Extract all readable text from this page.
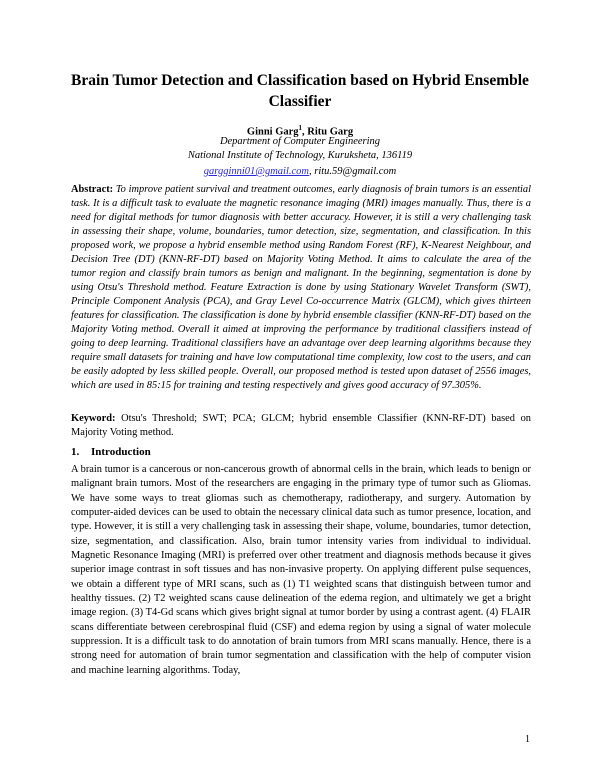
Brain Tumor Detection and Classification based on Hybrid Ensemble Classifier
Ginni Garg$^1$, Ritu Garg
Department of Computer Engineering
National Institute of Technology, Kuruksheta, 136119
gargginni01@gmail.com, ritu.59@gmail.com
Abstract: To improve patient survival and treatment outcomes, early diagnosis of brain tumors is an essential task. It is a difficult task to evaluate the magnetic resonance imaging (MRI) images manually. Thus, there is a need for digital methods for tumor diagnosis with better accuracy. However, it is still a very challenging task in assessing their shape, volume, boundaries, tumor detection, size, segmentation, and classification. In this proposed work, we propose a hybrid ensemble method using Random Forest (RF), K-Nearest Neighbour, and Decision Tree (DT) (KNN-RF-DT) based on Majority Voting Method. It aims to calculate the area of the tumor region and classify brain tumors as benign and malignant. In the beginning, segmentation is done by using Otsu's Threshold method. Feature Extraction is done by using Stationary Wavelet Transform (SWT), Principle Component Analysis (PCA), and Gray Level Co-occurrence Matrix (GLCM), which gives thirteen features for classification. The classification is done by hybrid ensemble classifier (KNN-RF-DT) based on the Majority Voting method. Overall it aimed at improving the performance by traditional classifiers instead of going to deep learning. Traditional classifiers have an advantage over deep learning algorithms because they require small datasets for training and have low computational time complexity, low cost to the users, and can be easily adopted by less skilled people. Overall, our proposed method is tested upon dataset of 2556 images, which are used in 85:15 for training and testing respectively and gives good accuracy of 97.305%.
Keyword: Otsu's Threshold; SWT; PCA; GLCM; hybrid ensemble Classifier (KNN-RF-DT) based on Majority Voting method.
1. Introduction
A brain tumor is a cancerous or non-cancerous growth of abnormal cells in the brain, which leads to benign or malignant brain tumors. Most of the researchers are engaging in the primary type of tumor such as Gliomas. We have some ways to treat gliomas such as chemotherapy, radiotherapy, and surgery. Automation by computer-aided devices can be used to obtain the necessary clinical data such as tumor presence, location, and type. However, it is still a very challenging task in assessing their shape, volume, boundaries, tumor detection, size, segmentation, and classification. Also, brain tumor intensity varies from individual to individual. Magnetic Resonance Imaging (MRI) is preferred over other treatment and diagnosis methods because it gives superior image contrast in soft tissues and has non-invasive property. On applying different pulse sequences, we obtain a different type of MRI scans, such as (1) T1 weighted scans that distinguish between tumor and healthy tissues. (2) T2 weighted scans cause delineation of the edema region, and ultimately we get a bright image region. (3) T4-Gd scans which gives bright signal at tumor border by using a contrast agent. (4) FLAIR scans differentiate between cerebrospinal fluid (CSF) and edema region by using a signal of water molecule suppression. It is a difficult task to do annotation of brain tumors from MRI scans manually. Hence, there is a strong need for automation of brain tumor segmentation and classification with the help of computer vision and machine learning algorithms. Today,
1
